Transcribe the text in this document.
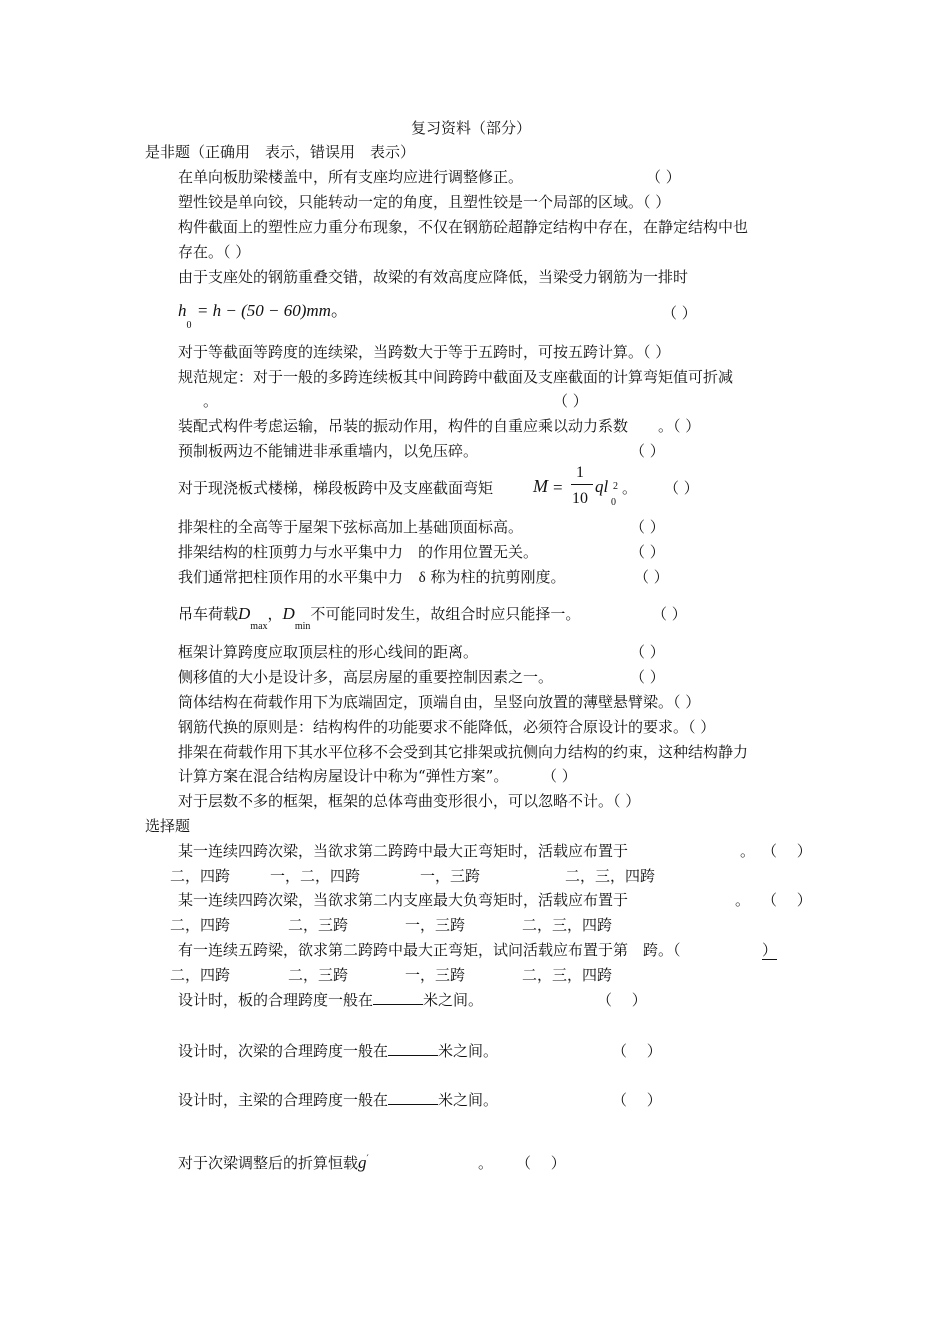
复习资料（部分）
是非题（正确用　表示，错误用　表示）
在单向板肋梁楼盖中，所有支座均应进行调整修正。	（ ）
塑性铰是单向铰，只能转动一定的角度，且塑性铰是一个局部的区域。（ ）
构件截面上的塑性应力重分布现象，不仅在钢筋砼超静定结构中存在，在静定结构中也
存在。（ ）
由于支座处的钢筋重叠交错，故梁的有效高度应降低，当梁受力钢筋为一排时
$h_0 = h - (50 - 60)mm$。	（ ）
对于等截面等跨度的连续梁，当跨数大于等于五跨时，可按五跨计算。（ ）
规范规定：对于一般的多跨连续板其中间跨跨中截面及支座截面的计算弯矩值可折减
。	（ ）
装配式构件考虑运输，吊装的振动作用，构件的自重应乘以动力系数　　。（ ）
预制板两边不能铺进非承重墙内，以免压碎。	（ ）
对于现浇板式楼梯，梯段板跨中及支座截面弯矩 M =
1
10
ql 2
0
。 （ ）
排架柱的全高等于屋架下弦标高加上基础顶面标高。	（ ）
排架结构的柱顶剪力与水平集中力　的作用位置无关。	（ ）
我们通常把柱顶作用的水平集中力 δ 称为柱的抗剪刚度。	（ ）
吊车荷载$D_{max}$，$D_{min}$不可能同时发生，故组合时应只能择一。	（ ）
框架计算跨度应取顶层柱的形心线间的距离。	（ ）
侧移值的大小是设计多，高层房屋的重要控制因素之一。	（ ）
筒体结构在荷载作用下为底端固定，顶端自由，呈竖向放置的薄壁悬臂梁。（ ）
钢筋代换的原则是：结构构件的功能要求不能降低，必须符合原设计的要求。（ ）
排架在荷载作用下其水平位移不会受到其它排架或抗侧向力结构的约束，这种结构静力
计算方案在混合结构房屋设计中称为“弹性方案”。 （ ）
对于层数不多的框架，框架的总体弯曲变形很小，可以忽略不计。（ ）
选择题
某一连续四跨次梁，当欲求第二跨跨中最大正弯矩时，活载应布置于	。 （　 ）
二，四跨	一，二，四跨	一，三跨	二，三，四跨
某一连续四跨次梁，当欲求第二内支座最大负弯矩时，活载应布置于	。 （　 ）
二，四跨	二，三跨	一，三跨	二，三，四跨
有一连续五跨梁，欲求第二跨跨中最大正弯矩，试问活载应布置于第　跨。（	）
二，四跨	二，三跨	一，三跨	二，三，四跨
设计时，板的合理跨度一般在	米之间。	（　 ）
设计时，次梁的合理跨度一般在	米之间。	（　 ）
设计时，主梁的合理跨度一般在	米之间。	（　 ）
对于次梁调整后的折算恒载g′	。 （　 ）
